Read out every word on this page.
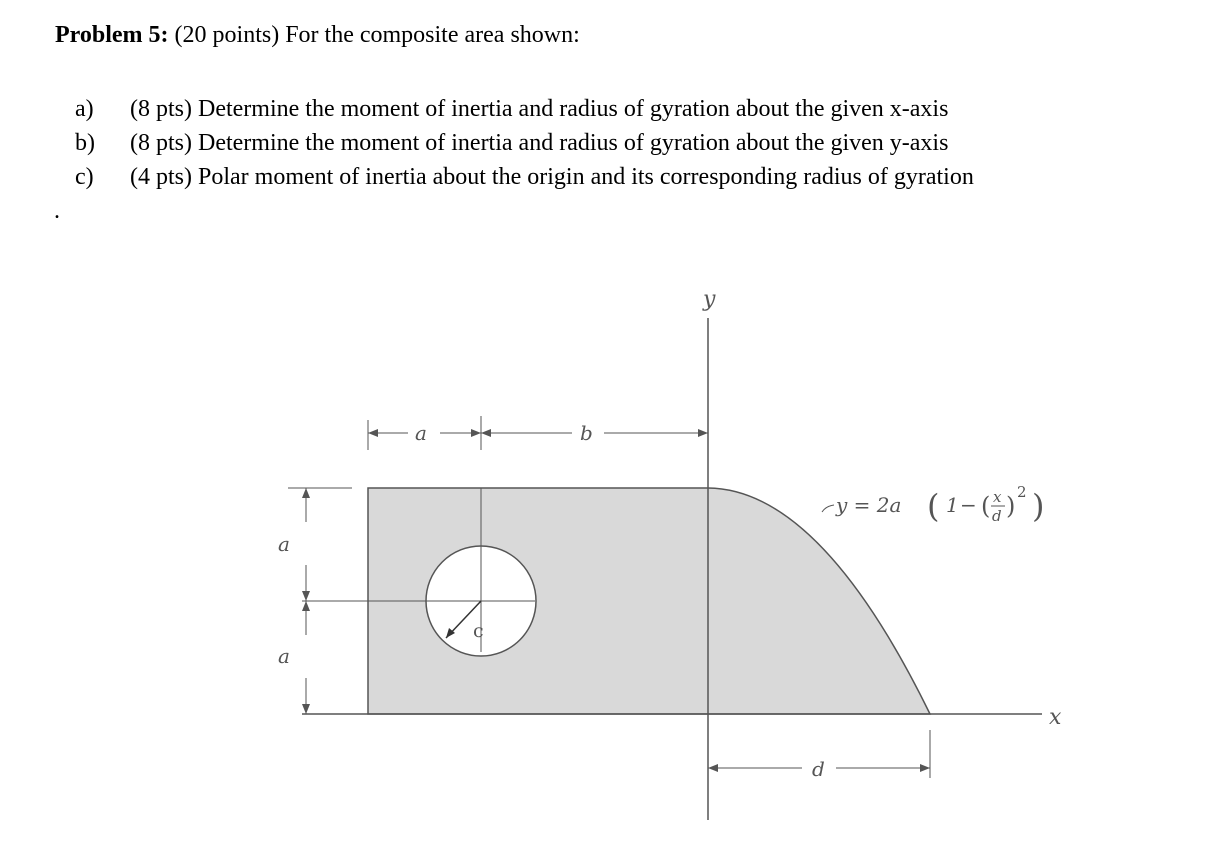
Problem 5: (20 points) For the composite area shown:
a) (8 pts) Determine the moment of inertia and radius of gyration about the given x-axis
b) (8 pts) Determine the moment of inertia and radius of gyration about the given y-axis
c) (4 pts) Polar moment of inertia about the origin and its corresponding radius of gyration
.
c
x
y
a	b
a
a
d
y = 2a ( 1 − ( x
d ) 2 )
